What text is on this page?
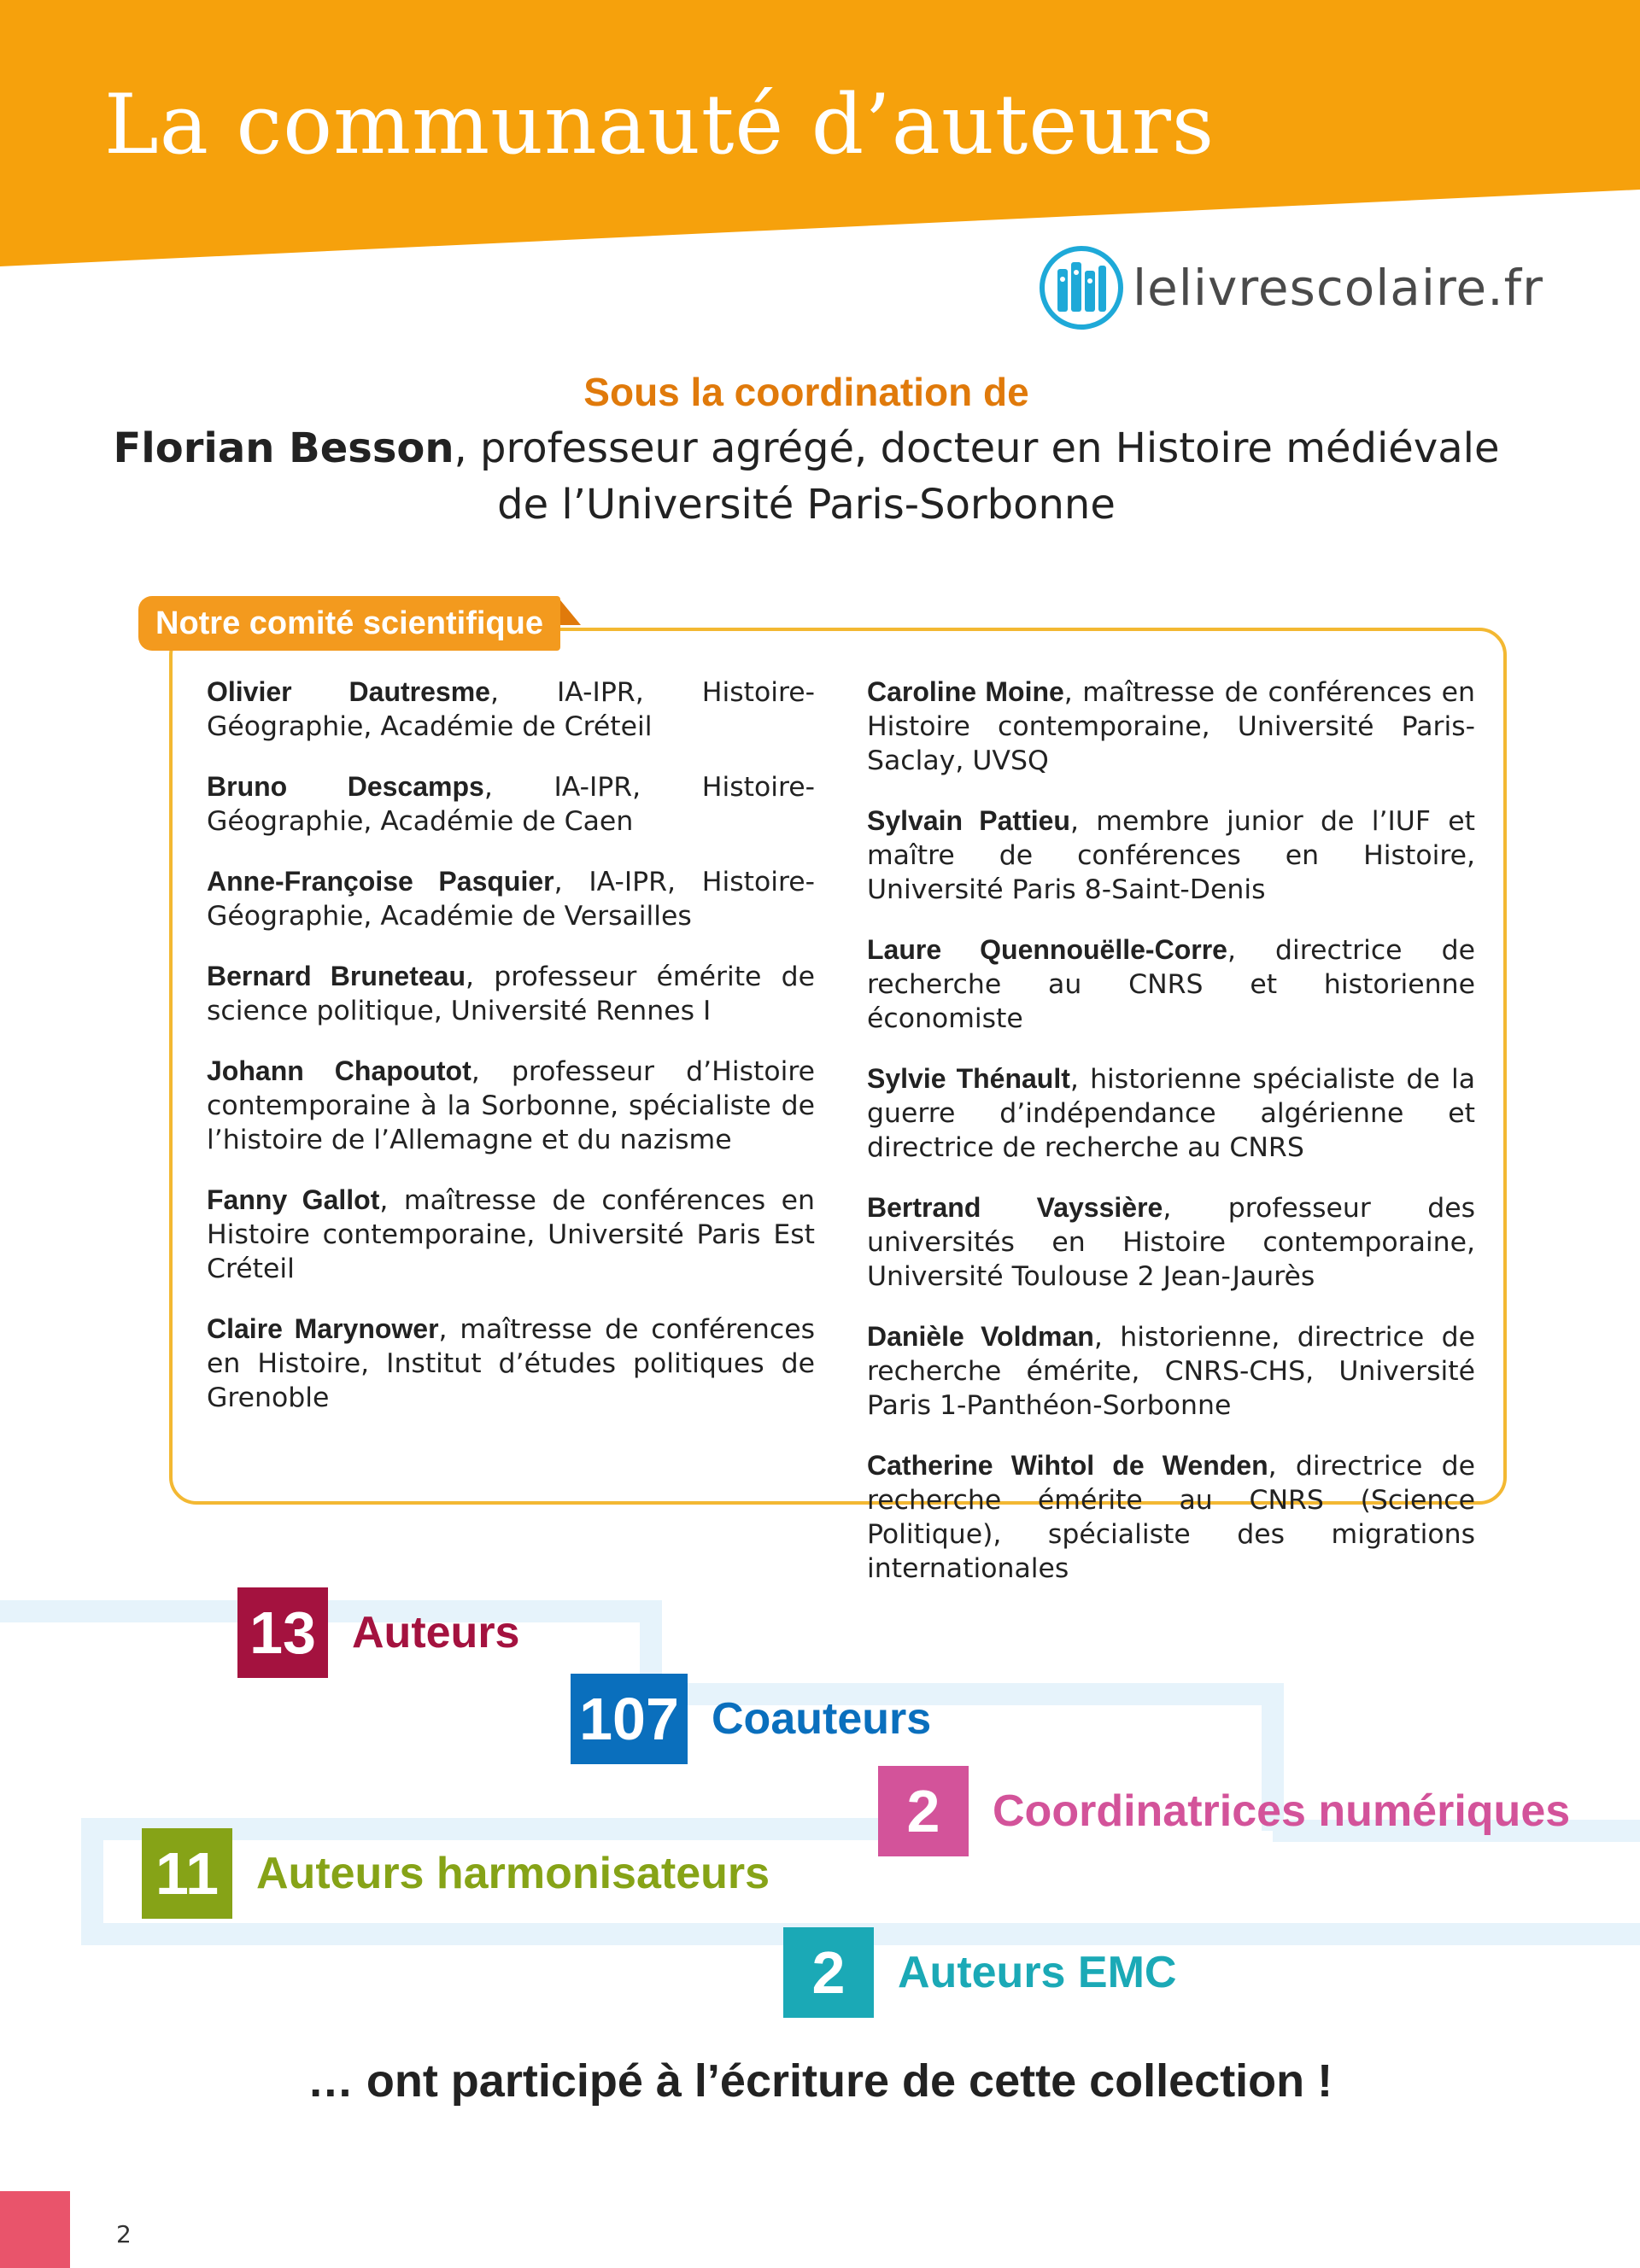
La communauté d’auteurs
lelivrescolaire.fr
Sous la coordination de
Florian Besson, professeur agrégé, docteur en Histoire médiévale
de l’Université Paris-Sorbonne
Notre comité scientifique

Olivier Dautresme, IA-IPR, Histoire-Géographie, Académie de Créteil

Bruno Descamps, IA-IPR, Histoire-Géographie, Académie de Caen

Anne-Françoise Pasquier, IA-IPR, Histoire-Géographie, Académie de Versailles

Bernard Bruneteau, professeur émérite de science politique, Université Rennes I

Johann Chapoutot, professeur d’Histoire contemporaine à la Sorbonne, spécialiste de l’histoire de l’Allemagne et du nazisme

Fanny Gallot, maîtresse de conférences en Histoire contemporaine, Université Paris Est Créteil

Claire Marynower, maîtresse de conférences en Histoire, Institut d’études politiques de Grenoble

Caroline Moine, maîtresse de conférences en Histoire contemporaine, Université Paris-Saclay, UVSQ

Sylvain Pattieu, membre junior de l’IUF et maître de conférences en Histoire, Université Paris 8-Saint-Denis

Laure Quennouëlle-Corre, directrice de recherche au CNRS et historienne économiste

Sylvie Thénault, historienne spécialiste de la guerre d’indépendance algérienne et directrice de recherche au CNRS

Bertrand Vayssière, professeur des universités en Histoire contemporaine, Université Toulouse 2 Jean-Jaurès

Danièle Voldman, historienne, directrice de recherche émérite, CNRS-CHS, Université Paris 1-Panthéon-Sorbonne

Catherine Wihtol de Wenden, directrice de recherche émérite au CNRS (Science Politique), spécialiste des migrations internationales

13 Auteurs
107 Coauteurs
2	Coordinatrices numériques
11 Auteurs harmonisateurs
2	Auteurs EMC
… ont participé à l’écriture de cette collection !
2
